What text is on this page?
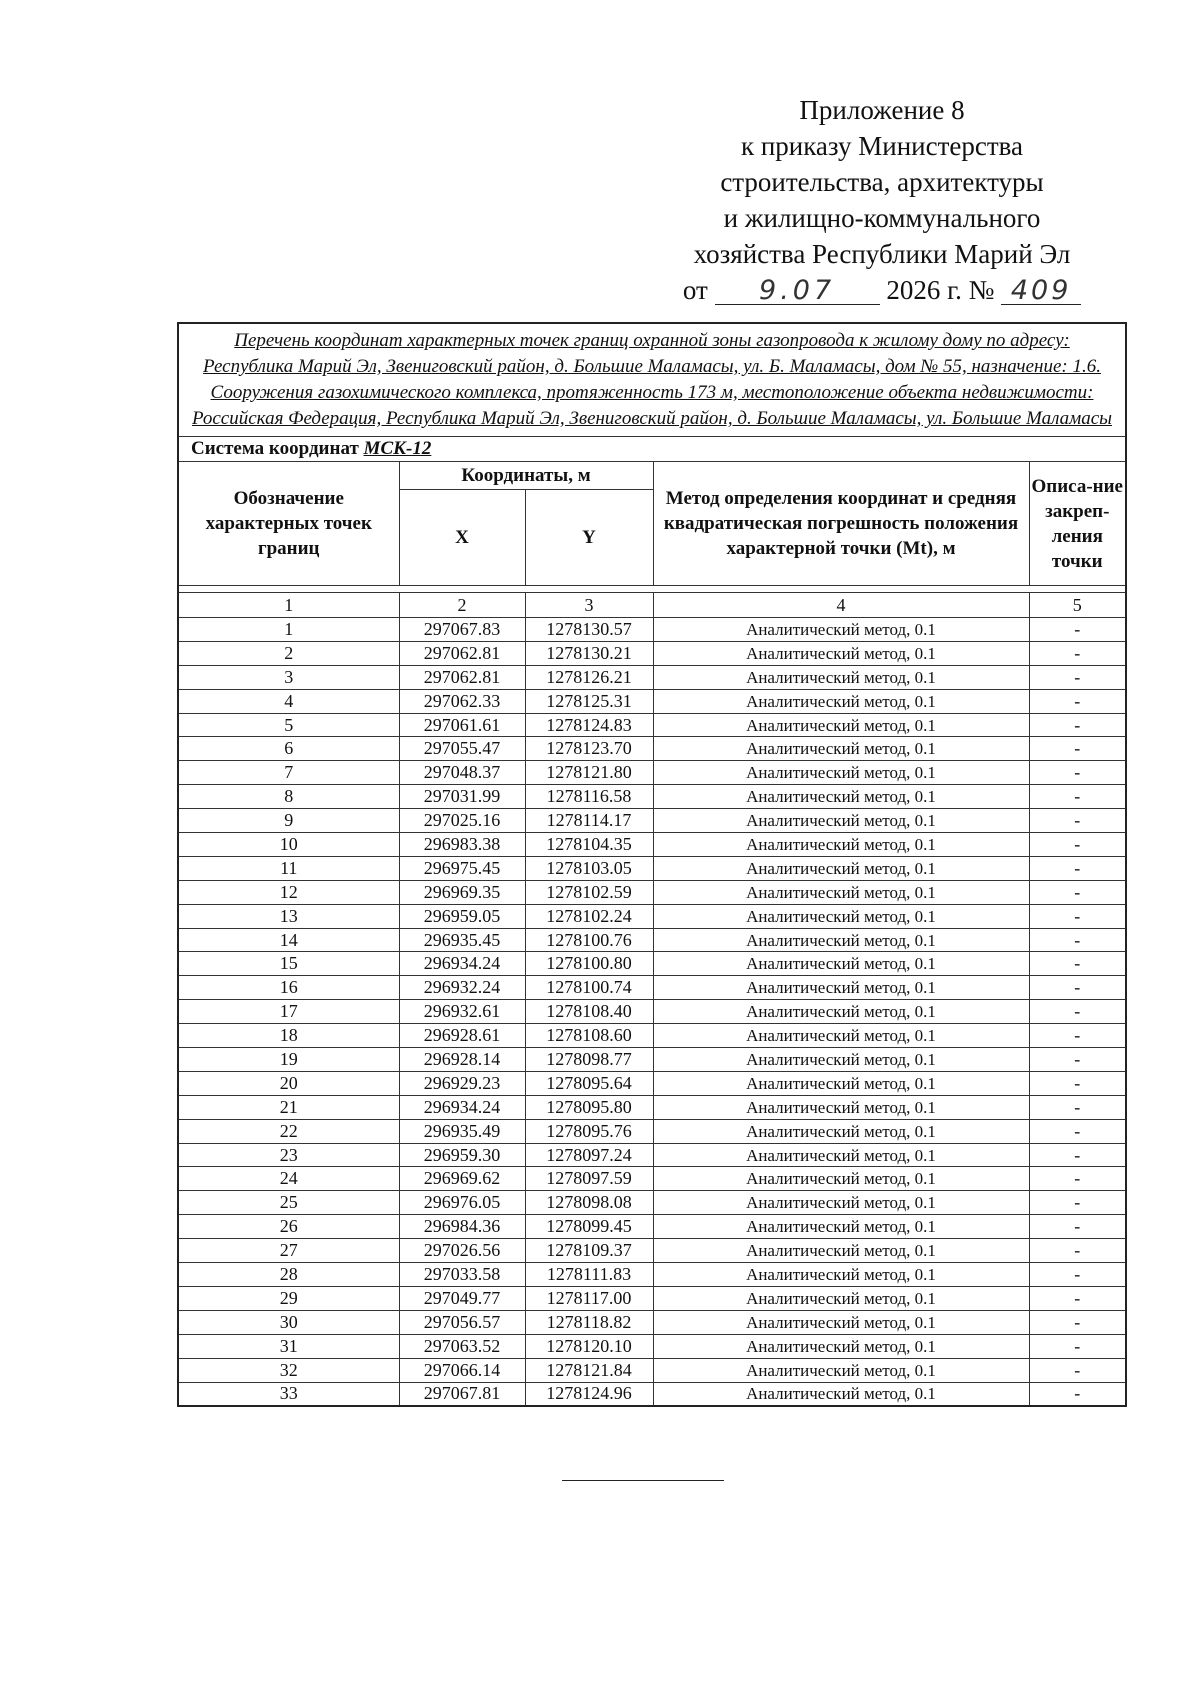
Приложение 8
к приказу Министерства
строительства, архитектуры
и жилищно-коммунального
хозяйства Республики Марий Эл
от 9.07 2026 г. № 409
Перечень координат характерных точек границ охранной зоны газопровода к жилому дому по адресу: Республика Марий Эл, Звениговский район, д. Большие Маламасы, ул. Б. Маламасы, дом № 55, назначение: 1.6. Сооружения газохимического комплекса, протяженность 173 м, местоположение объекта недвижимости: Российская Федерация, Республика Марий Эл, Звениговский район, д. Большие Маламасы, ул. Большие Маламасы				
Система координат МСК-12				
Обозначение характерных точек границ	Координаты, м		Метод определения координат и средняя квадратическая погрешность положения характерной точки (Mt), м	Описа-ние закреп-ления точки
	X	Y		

1	2	3	4	5
1	297067.83	1278130.57	Аналитический метод, 0.1	-
2	297062.81	1278130.21	Аналитический метод, 0.1	-
3	297062.81	1278126.21	Аналитический метод, 0.1	-
4	297062.33	1278125.31	Аналитический метод, 0.1	-
5	297061.61	1278124.83	Аналитический метод, 0.1	-
6	297055.47	1278123.70	Аналитический метод, 0.1	-
7	297048.37	1278121.80	Аналитический метод, 0.1	-
8	297031.99	1278116.58	Аналитический метод, 0.1	-
9	297025.16	1278114.17	Аналитический метод, 0.1	-
10	296983.38	1278104.35	Аналитический метод, 0.1	-
11	296975.45	1278103.05	Аналитический метод, 0.1	-
12	296969.35	1278102.59	Аналитический метод, 0.1	-
13	296959.05	1278102.24	Аналитический метод, 0.1	-
14	296935.45	1278100.76	Аналитический метод, 0.1	-
15	296934.24	1278100.80	Аналитический метод, 0.1	-
16	296932.24	1278100.74	Аналитический метод, 0.1	-
17	296932.61	1278108.40	Аналитический метод, 0.1	-
18	296928.61	1278108.60	Аналитический метод, 0.1	-
19	296928.14	1278098.77	Аналитический метод, 0.1	-
20	296929.23	1278095.64	Аналитический метод, 0.1	-
21	296934.24	1278095.80	Аналитический метод, 0.1	-
22	296935.49	1278095.76	Аналитический метод, 0.1	-
23	296959.30	1278097.24	Аналитический метод, 0.1	-
24	296969.62	1278097.59	Аналитический метод, 0.1	-
25	296976.05	1278098.08	Аналитический метод, 0.1	-
26	296984.36	1278099.45	Аналитический метод, 0.1	-
27	297026.56	1278109.37	Аналитический метод, 0.1	-
28	297033.58	1278111.83	Аналитический метод, 0.1	-
29	297049.77	1278117.00	Аналитический метод, 0.1	-
30	297056.57	1278118.82	Аналитический метод, 0.1	-
31	297063.52	1278120.10	Аналитический метод, 0.1	-
32	297066.14	1278121.84	Аналитический метод, 0.1	-
33	297067.81	1278124.96	Аналитический метод, 0.1	-
